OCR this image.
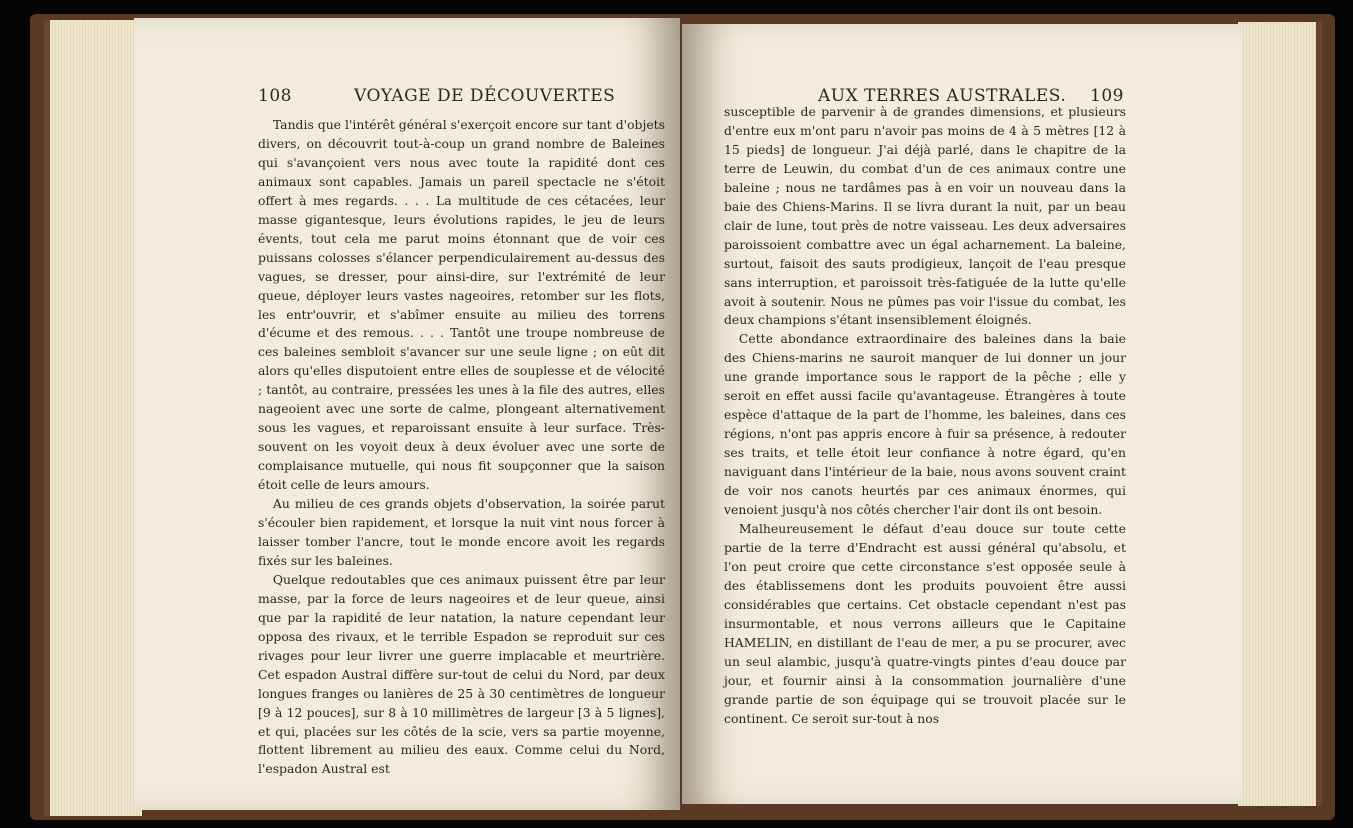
108	VOYAGE DE DÉCOUVERTES

Tandis que l'intérêt général s'exerçoit encore sur tant d'objets divers, on découvrit tout-à-coup un grand nombre de Baleines qui s'avançoient vers nous avec toute la rapidité dont ces animaux sont capables. Jamais un pareil spectacle ne s'étoit offert à mes regards. . . . La multitude de ces cétacées, leur masse gigantesque, leurs évolutions rapides, le jeu de leurs évents, tout cela me parut moins étonnant que de voir ces puissans colosses s'élancer perpendiculairement au-dessus des vagues, se dresser, pour ainsi-dire, sur l'extrémité de leur queue, déployer leurs vastes nageoires, retomber sur les flots, les entr'ouvrir, et s'abîmer ensuite au milieu des torrens d'écume et des remous. . . . Tantôt une troupe nombreuse de ces baleines sembloit s'avancer sur une seule ligne ; on eût dit alors qu'elles disputoient entre elles de souplesse et de vélocité ; tantôt, au contraire, pressées les unes à la file des autres, elles nageoient avec une sorte de calme, plongeant alternativement sous les vagues, et reparoissant ensuite à leur surface. Très-souvent on les voyoit deux à deux évoluer avec une sorte de complaisance mutuelle, qui nous fit soupçonner que la saison étoit celle de leurs amours.

Au milieu de ces grands objets d'observation, la soirée parut s'écouler bien rapidement, et lorsque la nuit vint nous forcer à laisser tomber l'ancre, tout le monde encore avoit les regards fixés sur les baleines.

Quelque redoutables que ces animaux puissent être par leur masse, par la force de leurs nageoires et de leur queue, ainsi que par la rapidité de leur natation, la nature cependant leur opposa des rivaux, et le terrible Espadon se reproduit sur ces rivages pour leur livrer une guerre implacable et meurtrière. Cet espadon Austral diffère sur-tout de celui du Nord, par deux longues franges ou lanières de 25 à 30 centimètres de longueur [9 à 12 pouces], sur 8 à 10 millimètres de largeur [3 à 5 lignes], et qui, placées sur les côtés de la scie, vers sa partie moyenne, flottent librement au milieu des eaux. Comme celui du Nord, l'espadon Austral est

AUX TERRES AUSTRALES. 109

susceptible de parvenir à de grandes dimensions, et plusieurs d'entre eux m'ont paru n'avoir pas moins de 4 à 5 mètres [12 à 15 pieds] de longueur. J'ai déjà parlé, dans le chapitre de la terre de Leuwin, du combat d'un de ces animaux contre une baleine ; nous ne tardâmes pas à en voir un nouveau dans la baie des Chiens-Marins. Il se livra durant la nuit, par un beau clair de lune, tout près de notre vaisseau. Les deux adversaires paroissoient combattre avec un égal acharnement. La baleine, surtout, faisoit des sauts prodigieux, lançoit de l'eau presque sans interruption, et paroissoit très-fatiguée de la lutte qu'elle avoit à soutenir. Nous ne pûmes pas voir l'issue du combat, les deux champions s'étant insensiblement éloignés.

Cette abondance extraordinaire des baleines dans la baie des Chiens-marins ne sauroit manquer de lui donner un jour une grande importance sous le rapport de la pêche ; elle y seroit en effet aussi facile qu'avantageuse. Étrangères à toute espèce d'attaque de la part de l'homme, les baleines, dans ces régions, n'ont pas appris encore à fuir sa présence, à redouter ses traits, et telle étoit leur confiance à notre égard, qu'en naviguant dans l'intérieur de la baie, nous avons souvent craint de voir nos canots heurtés par ces animaux énormes, qui venoient jusqu'à nos côtés chercher l'air dont ils ont besoin.

Malheureusement le défaut d'eau douce sur toute cette partie de la terre d'Endracht est aussi général qu'absolu, et l'on peut croire que cette circonstance s'est opposée seule à des établissemens dont les produits pouvoient être aussi considérables que certains. Cet obstacle cependant n'est pas insurmontable, et nous verrons ailleurs que le Capitaine HAMELIN, en distillant de l'eau de mer, a pu se procurer, avec un seul alambic, jusqu'à quatre-vingts pintes d'eau douce par jour, et fournir ainsi à la consommation journalière d'une grande partie de son équipage qui se trouvoit placée sur le continent. Ce seroit sur-tout à nos
